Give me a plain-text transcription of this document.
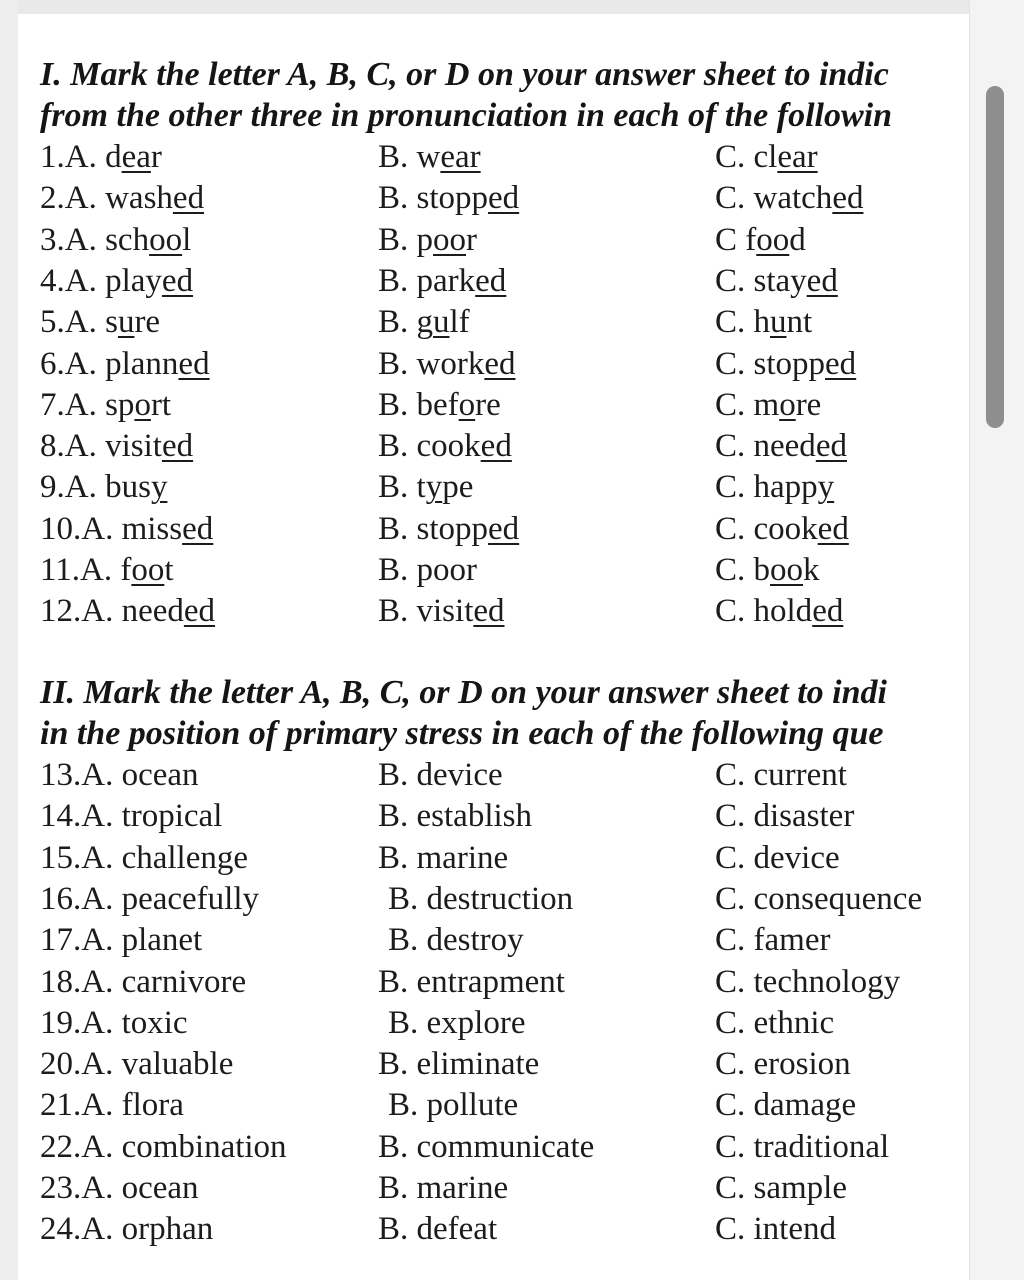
I. Mark the letter A, B, C, or D on your answer sheet to indic
from the other three in pronunciation in each of the followin
1.A. dear	B. wear	C. clear
2.A. washed	B. stopped	C. watched
3.A. school	B. poor	C food
4.A. played	B. parked	C. stayed
5.A. sure	B. gulf	C. hunt
6.A. planned	B. worked	C. stopped
7.A. sport	B. before	C. more
8.A. visited	B. cooked	C. needed
9.A. busy	B. type	C. happy
10.A. missed	B. stopped	C. cooked
11.A. foot	B. poor	C. book
12.A. needed	B. visited	C. holded
II. Mark the letter A, B, C, or D on your answer sheet to indi
in the position of primary stress in each of the following que
13.A. ocean	B. device	C. current
14.A. tropical	B. establish	C. disaster
15.A. challenge	B. marine	C. device
16.A. peacefully	B. destruction	C. consequence
17.A. planet	B. destroy	C. famer
18.A. carnivore	B. entrapment	C. technology
19.A. toxic	B. explore	C. ethnic
20.A. valuable	B. eliminate	C. erosion
21.A. flora	B. pollute	C. damage
22.A. combination	B. communicate	C. traditional
23.A. ocean	B. marine	C. sample
24.A. orphan	B. defeat	C. intend
